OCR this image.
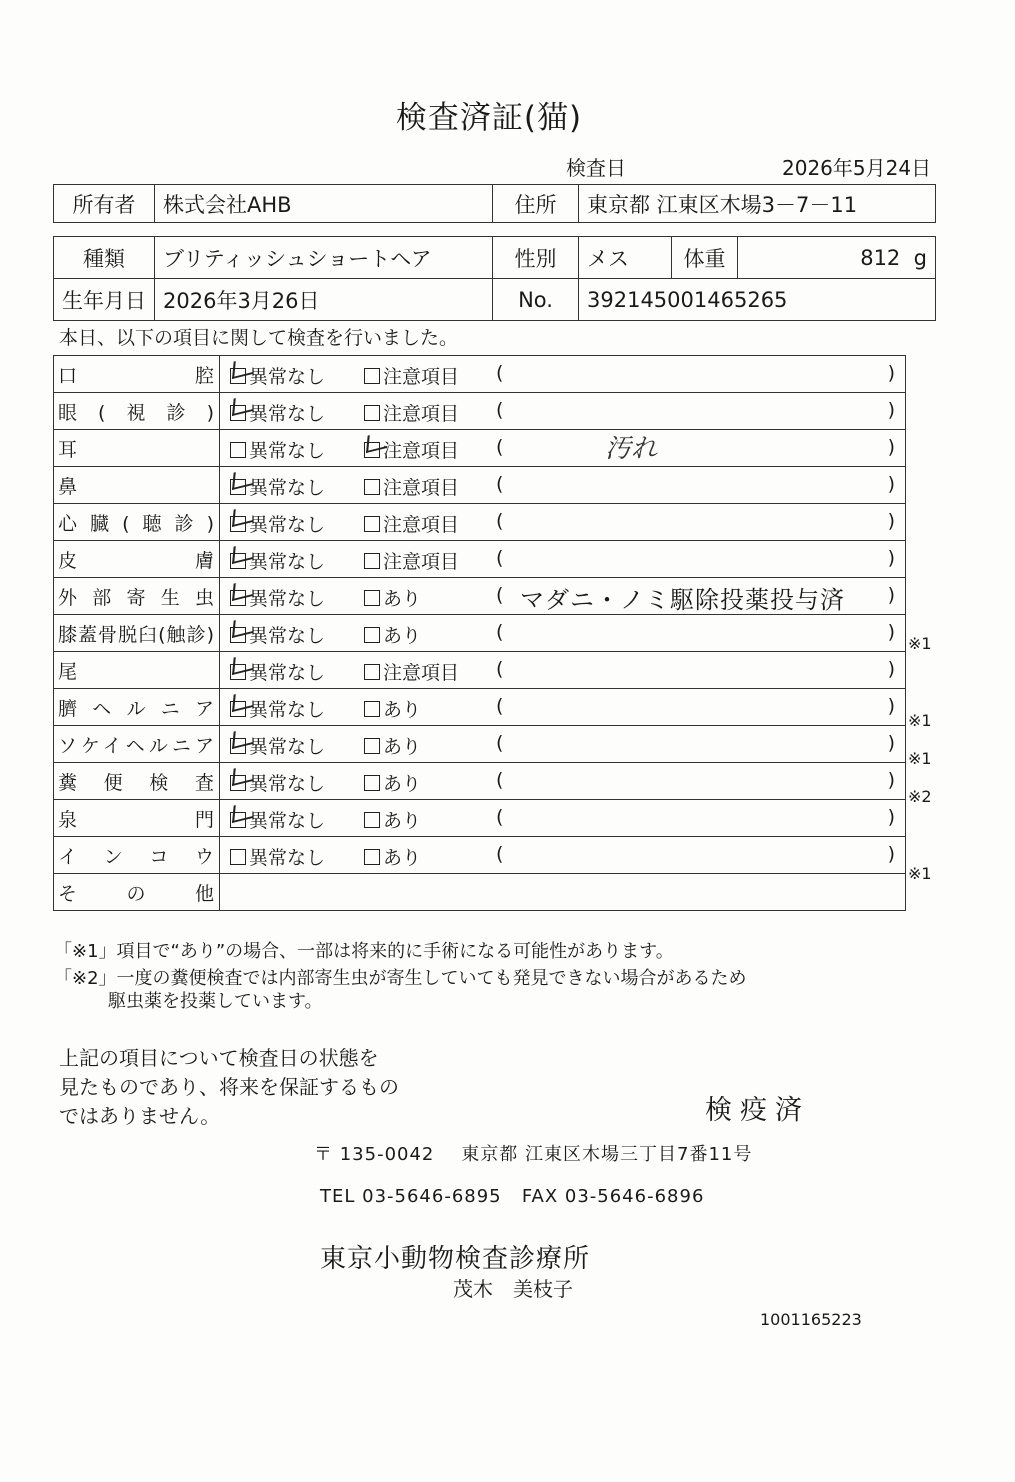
検査済証(猫)
検査日	2026年5月24日
所有者	株式会社AHB	住所	東京都 江東区木場3－7－11
種類	ブリティッシュショートヘア	性別	メス	体重	812 g
生年月日	2026年3月26日	No.	392145001465265		
本日、以下の項目に関して検査を行いました。
口腔	異常なし 注意項目 ( )

眼(視診)	異常なし 注意項目 ( )

耳	異常なし 注意項目 ( 汚れ )

鼻	異常なし 注意項目 ( )

心臓(聴診)	異常なし 注意項目 ( )

皮膚	異常なし 注意項目 ( )

外部寄生虫	異常なし あり ( マダニ・ノミ駆除投薬投与済 )

膝蓋骨脱臼(触診)	異常なし あり ( )

尾	異常なし 注意項目 ( )

臍ヘルニア	異常なし あり ( )

ソケイヘルニア	異常なし あり ( )

糞便検査	異常なし あり ( )

泉門	異常なし あり ( )

インコウ	異常なし あり ( )

その他	
※1
※1
※1
※2
※1
「※1」項目で“あり”の場合、一部は将来的に手術になる可能性があります。
「※2」一度の糞便検査では内部寄生虫が寄生していても発見できない場合があるため
駆虫薬を投薬しています。
上記の項目について検査日の状態を
見たものであり、将来を保証するもの
ではありません。	検疫済
〒 135-0042 東京都 江東区木場三丁目7番11号
TEL 03-5646-6895 FAX 03-5646-6896
東京小動物検査診療所
茂木　美枝子
1001165223
